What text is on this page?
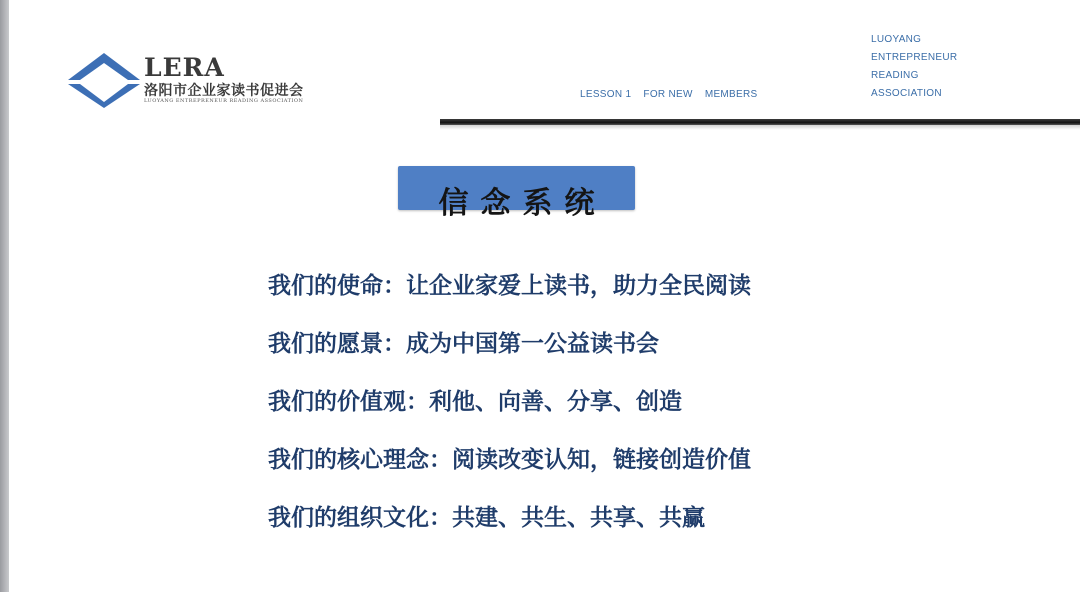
LERA
洛阳市企业家读书促进会
LUOYANG ENTREPRENEUR READING ASSOCIATION
LESSON 1 FOR NEW MEMBERS
LUOYANG
ENTREPRENEUR
READING
ASSOCIATION
信念系统
我们的使命：让企业家爱上读书，助力全民阅读
我们的愿景：成为中国第一公益读书会
我们的价值观：利他、向善、分享、创造
我们的核心理念：阅读改变认知，链接创造价值
我们的组织文化：共建、共生、共享、共赢
